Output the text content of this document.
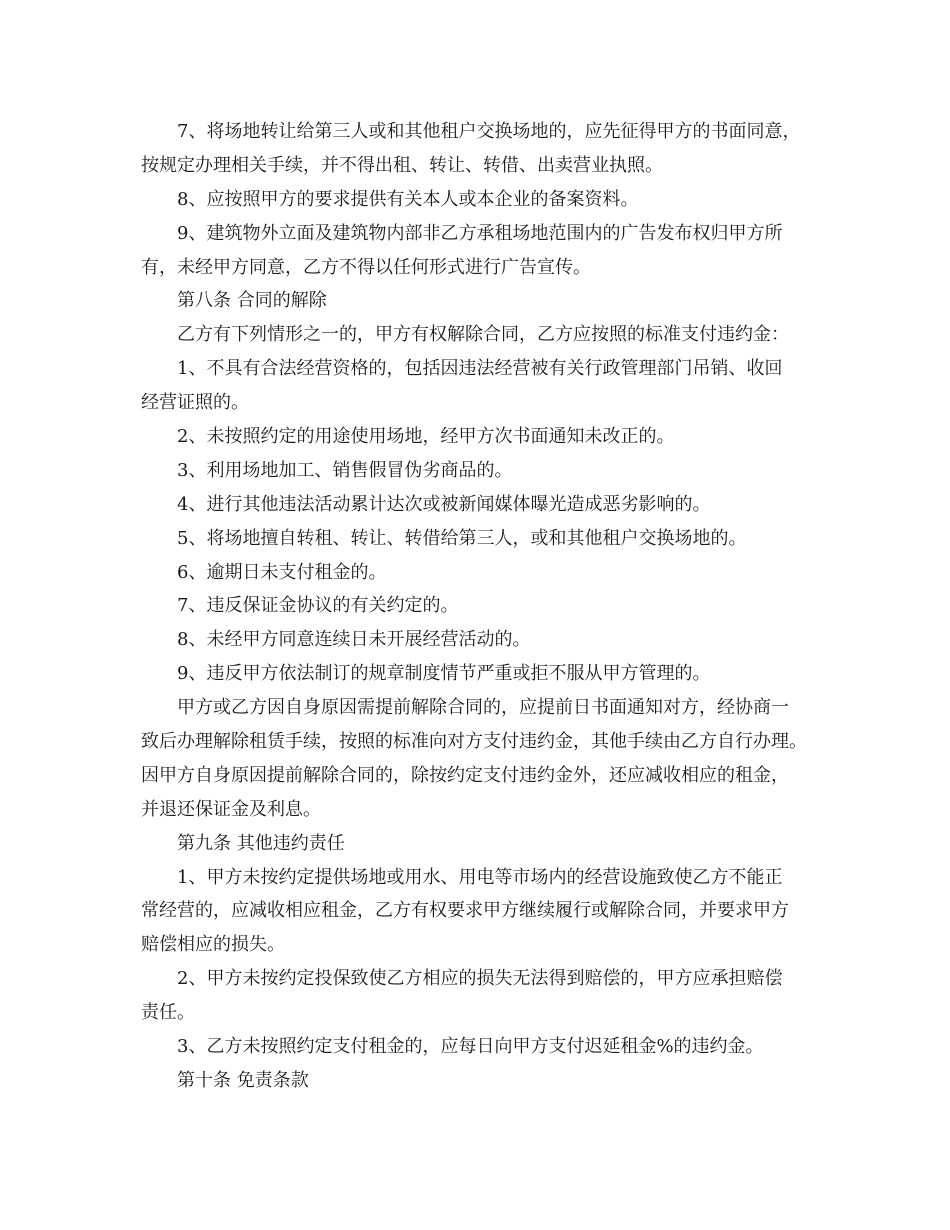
7、将场地转让给第三人或和其他租户交换场地的，应先征得甲方的书面同意，
按规定办理相关手续，并不得出租、转让、转借、出卖营业执照。
8、应按照甲方的要求提供有关本人或本企业的备案资料。
9、建筑物外立面及建筑物内部非乙方承租场地范围内的广告发布权归甲方所
有，未经甲方同意，乙方不得以任何形式进行广告宣传。
第八条 合同的解除
乙方有下列情形之一的，甲方有权解除合同，乙方应按照的标准支付违约金：
1、不具有合法经营资格的，包括因违法经营被有关行政管理部门吊销、收回
经营证照的。
2、未按照约定的用途使用场地，经甲方次书面通知未改正的。
3、利用场地加工、销售假冒伪劣商品的。
4、进行其他违法活动累计达次或被新闻媒体曝光造成恶劣影响的。
5、将场地擅自转租、转让、转借给第三人，或和其他租户交换场地的。
6、逾期日未支付租金的。
7、违反保证金协议的有关约定的。
8、未经甲方同意连续日未开展经营活动的。
9、违反甲方依法制订的规章制度情节严重或拒不服从甲方管理的。
甲方或乙方因自身原因需提前解除合同的，应提前日书面通知对方，经协商一
致后办理解除租赁手续，按照的标准向对方支付违约金，其他手续由乙方自行办理。
因甲方自身原因提前解除合同的，除按约定支付违约金外，还应减收相应的租金，
并退还保证金及利息。
第九条 其他违约责任
1、甲方未按约定提供场地或用水、用电等市场内的经营设施致使乙方不能正
常经营的，应减收相应租金，乙方有权要求甲方继续履行或解除合同，并要求甲方
赔偿相应的损失。
2、甲方未按约定投保致使乙方相应的损失无法得到赔偿的，甲方应承担赔偿
责任。
3、乙方未按照约定支付租金的，应每日向甲方支付迟延租金%的违约金。
第十条 免责条款
